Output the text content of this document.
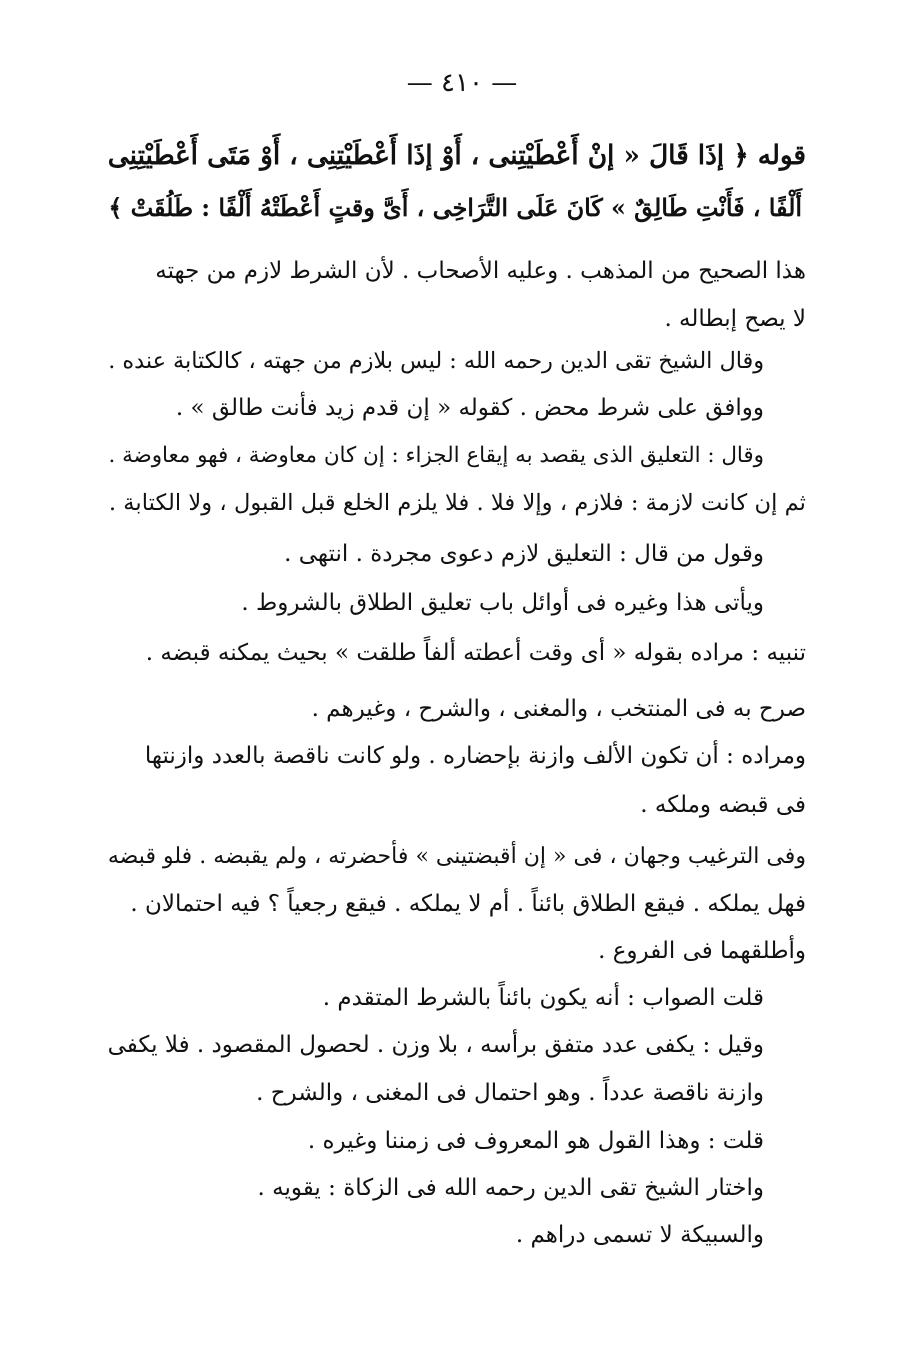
— ٤١٠ —
قوله ﴿ إذَا قَالَ « إنْ أَعْطَيْتِنى ، أَوْ إذَا أَعْطَيْتِنِى ، أَوْ مَتَى أَعْطَيْتِنِى
أَلْفًا ، فَأَنْتِ طَالِقٌ » كَانَ عَلَى التَّرَاخِى ، أَىَّ وقتٍ أَعْطَتْهُ أَلْفًا : طَلُقَتْ ﴾
هذا الصحيح من المذهب . وعليه الأصحاب . لأن الشرط لازم من جهته
لا يصح إبطاله .
وقال الشيخ تقى الدين رحمه الله : ليس بلازم من جهته ، كالكتابة عنده .
ووافق على شرط محض . كقوله « إن قدم زيد فأنت طالق » .
وقال : التعليق الذى يقصد به إيقاع الجزاء : إن كان معاوضة ، فهو معاوضة .
ثم إن كانت لازمة : فلازم ، وإلا فلا . فلا يلزم الخلع قبل القبول ، ولا الكتابة .
وقول من قال : التعليق لازم دعوى مجردة . انتهى .
ويأتى هذا وغيره فى أوائل باب تعليق الطلاق بالشروط .
تنبيه : مراده بقوله « أى وقت أعطته ألفاً طلقت » بحيث يمكنه قبضه .
صرح به فى المنتخب ، والمغنى ، والشرح ، وغيرهم .
ومراده : أن تكون الألف وازنة بإحضاره . ولو كانت ناقصة بالعدد وازنتها
فى قبضه وملكه .
وفى الترغيب وجهان ، فى « إن أقبضتينى » فأحضرته ، ولم يقبضه . فلو قبضه
فهل يملكه . فيقع الطلاق بائناً . أم لا يملكه . فيقع رجعياً ؟ فيه احتمالان .
وأطلقهما فى الفروع .
قلت الصواب : أنه يكون بائناً بالشرط المتقدم .
وقيل : يكفى عدد متفق برأسه ، بلا وزن . لحصول المقصود . فلا يكفى
وازنة ناقصة عدداً . وهو احتمال فى المغنى ، والشرح .
قلت : وهذا القول هو المعروف فى زمننا وغيره .
واختار الشيخ تقى الدين رحمه الله فى الزكاة : يقويه .
والسبيكة لا تسمى دراهم .
